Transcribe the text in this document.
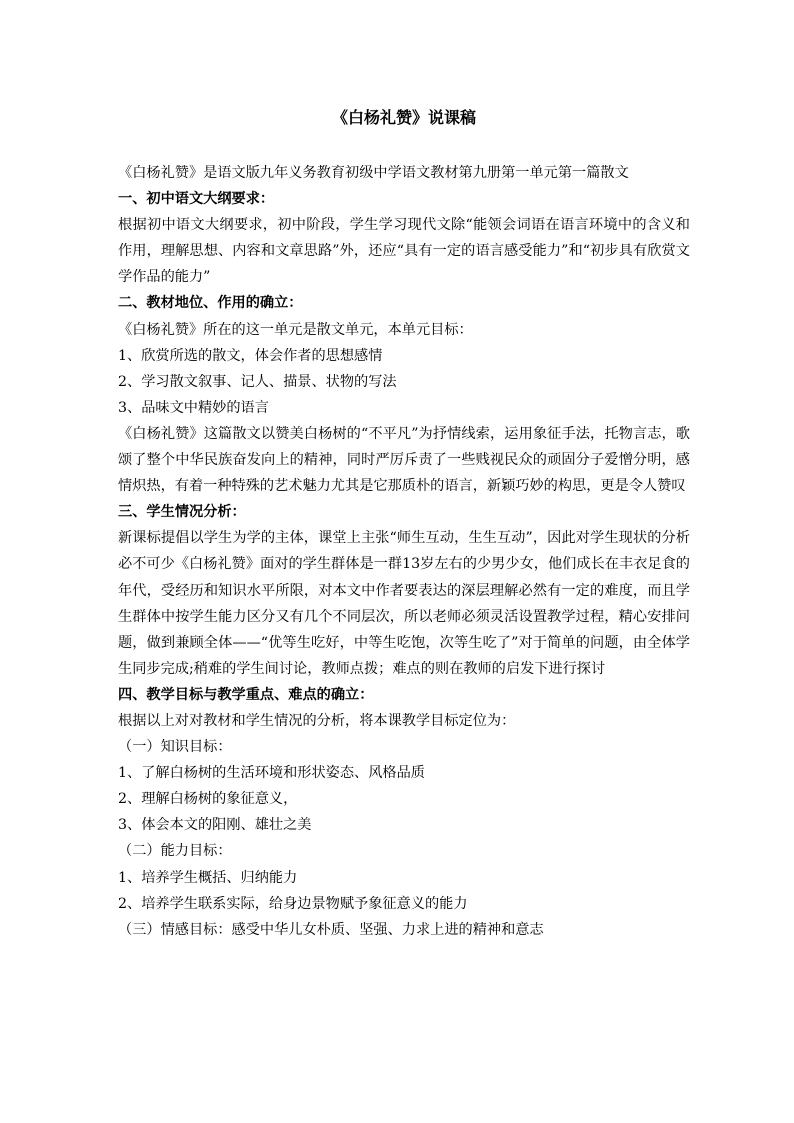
《白杨礼赞》说课稿

《白杨礼赞》是语文版九年义务教育初级中学语文教材第九册第一单元第一篇散文

一、初中语文大纲要求：

根据初中语文大纲要求，初中阶段，学生学习现代文除“能领会词语在语言环境中的含义和作用，理解思想、内容和文章思路”外，还应“具有一定的语言感受能力”和“初步具有欣赏文学作品的能力”

二、教材地位、作用的确立：

《白杨礼赞》所在的这一单元是散文单元，本单元目标：

1、欣赏所选的散文，体会作者的思想感情

2、学习散文叙事、记人、描景、状物的写法

3、品味文中精妙的语言

《白杨礼赞》这篇散文以赞美白杨树的“不平凡”为抒情线索，运用象征手法，托物言志，歌颂了整个中华民族奋发向上的精神，同时严厉斥责了一些贱视民众的顽固分子爱憎分明，感情炽热，有着一种特殊的艺术魅力尤其是它那质朴的语言，新颖巧妙的构思，更是令人赞叹

三、学生情况分析：

新课标提倡以学生为学的主体，课堂上主张“师生互动，生生互动”，因此对学生现状的分析必不可少《白杨礼赞》面对的学生群体是一群13岁左右的少男少女，他们成长在丰衣足食的年代，受经历和知识水平所限，对本文中作者要表达的深层理解必然有一定的难度，而且学生群体中按学生能力区分又有几个不同层次，所以老师必须灵活设置教学过程，精心安排问题，做到兼顾全体——“优等生吃好，中等生吃饱，次等生吃了”对于简单的问题，由全体学生同步完成;稍难的学生间讨论，教师点拨；难点的则在教师的启发下进行探讨

四、教学目标与教学重点、难点的确立：

根据以上对对教材和学生情况的分析，将本课教学目标定位为：

（一）知识目标：

1、了解白杨树的生活环境和形状姿态、风格品质

2、理解白杨树的象征意义，

3、体会本文的阳刚、雄壮之美

（二）能力目标：

1、培养学生概括、归纳能力

2、培养学生联系实际，给身边景物赋予象征意义的能力

（三）情感目标：感受中华儿女朴质、坚强、力求上进的精神和意志
